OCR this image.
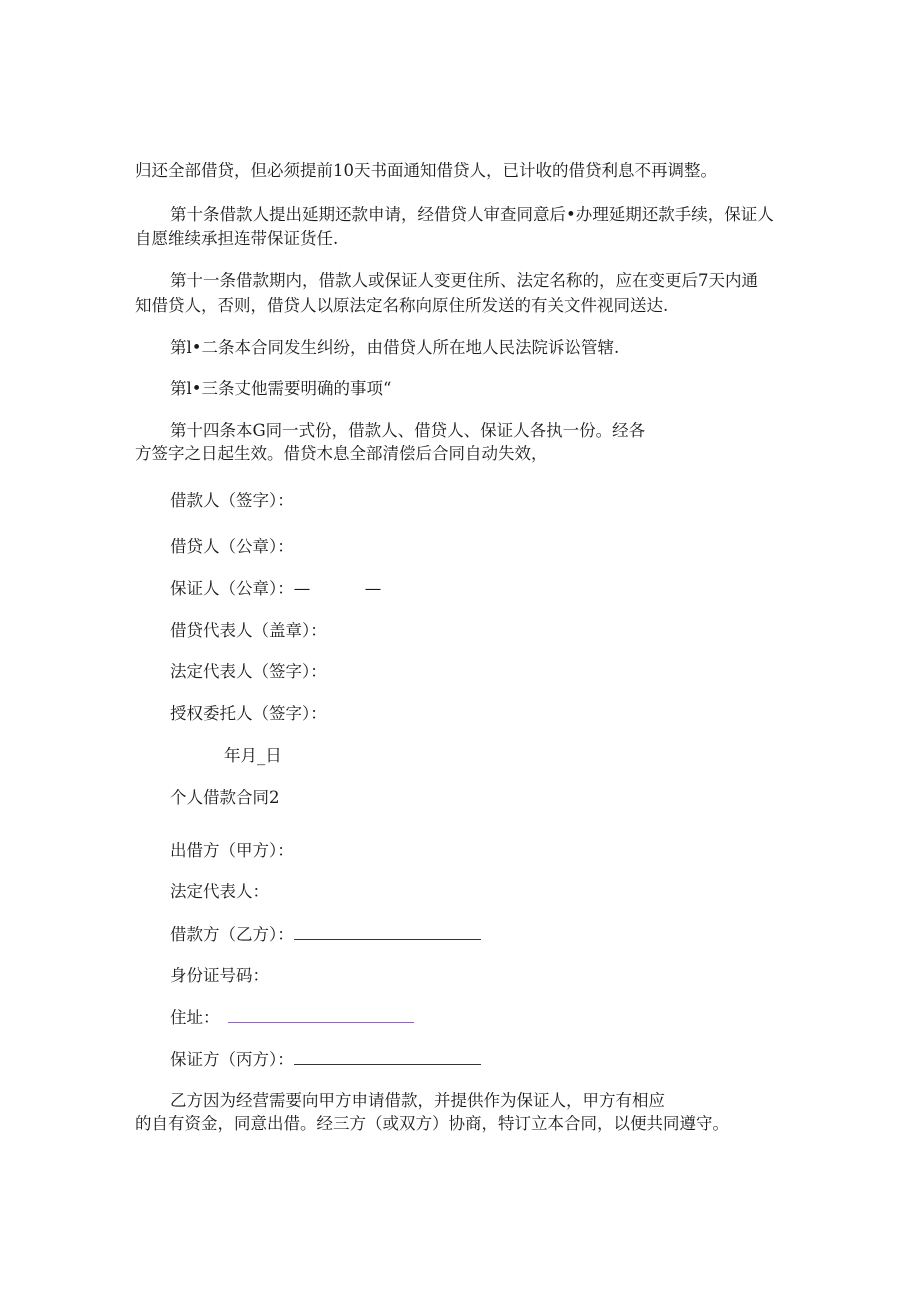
归还全部借贷，但必须提前10天书面通知借贷人，已计收的借贷利息不再调整。
第十条借款人提出延期还款申请，经借贷人审查同意后•办理延期还款手续，保证人
自愿维续承担连带保证货任.
第十一条借款期内，借款人或保证人变更住所、法定名称的，应在变更后7天内通
知借贷人，否则，借贷人以原法定名称向原住所发送的有关文件视同送达.
第l•二条本合同发生纠纷，由借贷人所在地人民法院诉讼管辖.
第l•三条丈他需要明确的事项“
第十四条本G同一式份，借款人、借贷人、保证人各执一份。经各
方签字之日起生效。借贷木息全部清偿后合同自动失效，
借款人（签字）：
借贷人（公章）：
保证人（公章）：—	—
借贷代表人（盖章）：
法定代表人（签字）：
授权委托人（签字）：
年月_日
个人借款合同2
出借方（甲方）：
法定代表人：
借款方（乙方）：
身份证号码：
住址：
保证方（丙方）：
乙方因为经营需要向甲方申请借款，并提供作为保证人，甲方有相应
的自有资金，同意出借。经三方（或双方）协商，特订立本合同，以便共同遵守。
